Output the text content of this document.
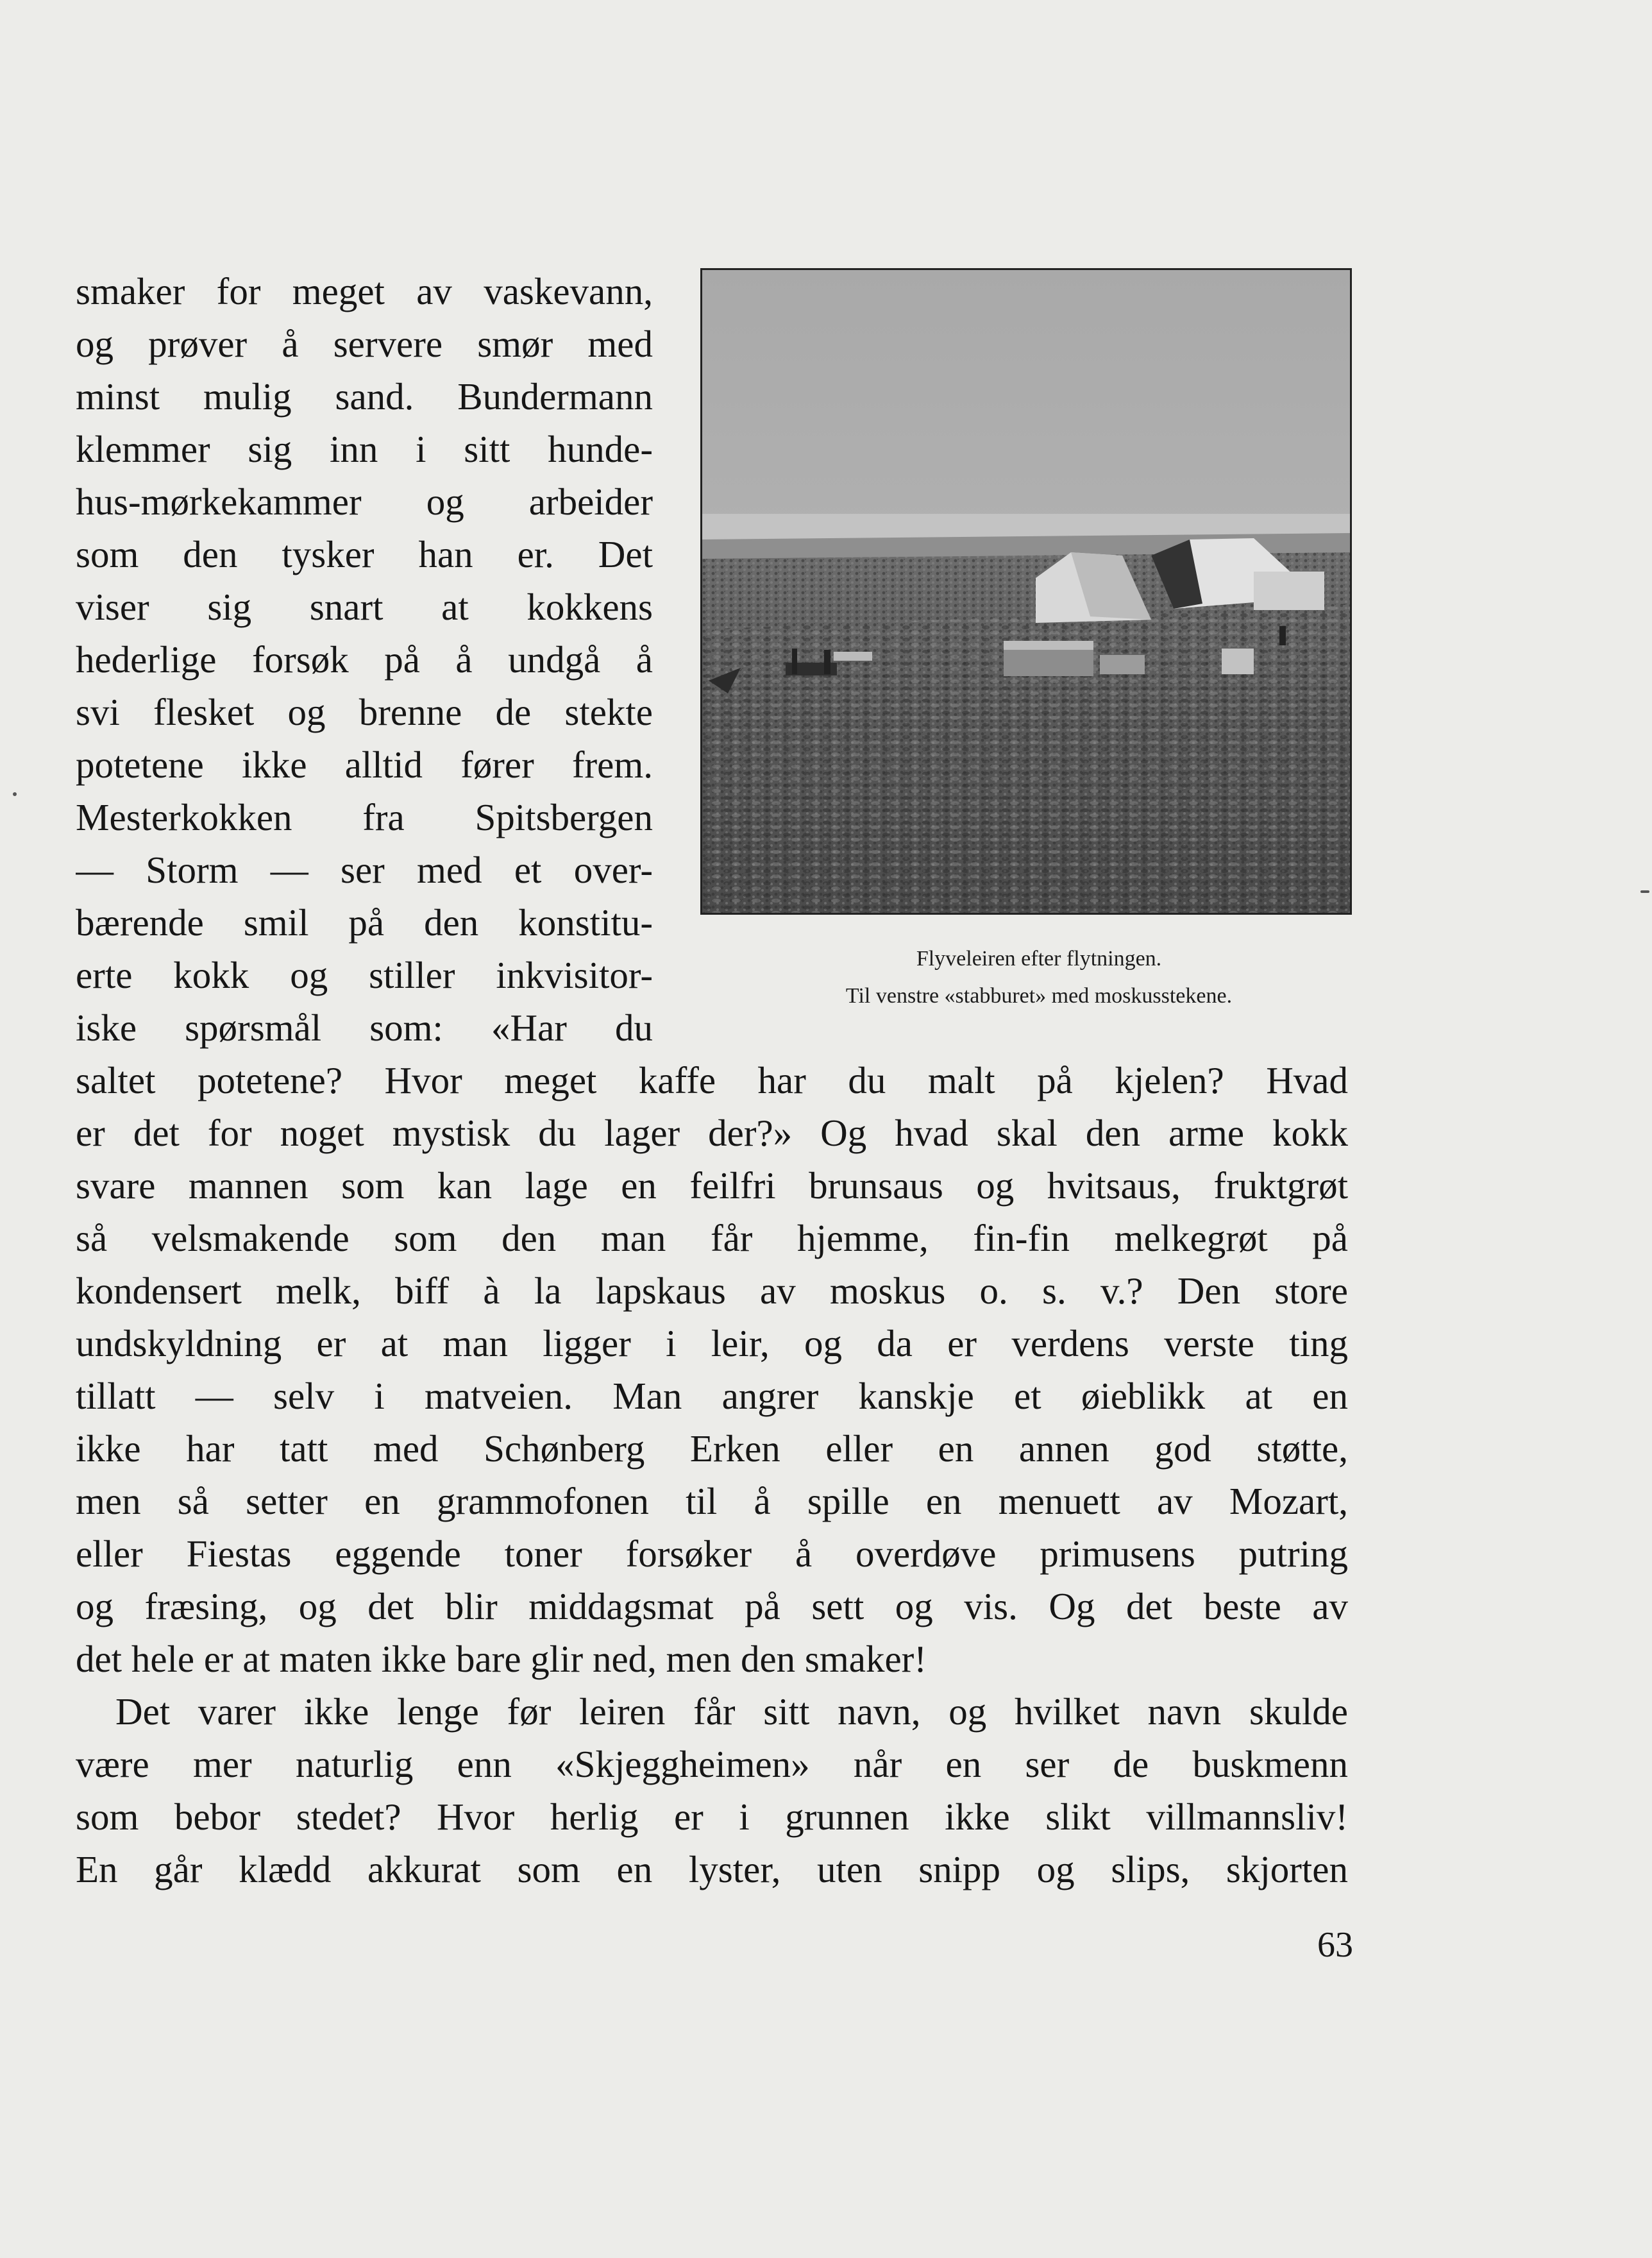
smaker for meget av vaskevann,
og prøver å servere smør med
minst mulig sand. Bundermann
klemmer sig inn i sitt hunde-
hus-mørkekammer og arbeider
som den tysker han er. Det
viser sig snart at kokkens
hederlige forsøk på å undgå å
svi flesket og brenne de stekte
potetene ikke alltid fører frem.
Mesterkokken fra Spitsbergen
— Storm — ser med et over-
bærende smil på den konstitu-
erte kokk og stiller inkvisitor-
iske spørsmål som: «Har du
saltet potetene? Hvor meget kaffe har du malt på kjelen? Hvad
er det for noget mystisk du lager der?» Og hvad skal den arme kokk
svare mannen som kan lage en feilfri brunsaus og hvitsaus, fruktgrøt
så velsmakende som den man får hjemme, fin-fin melkegrøt på
kondensert melk, biff à la lapskaus av moskus o. s. v.? Den store
undskyldning er at man ligger i leir, og da er verdens verste ting
tillatt — selv i matveien. Man angrer kanskje et øieblikk at en
ikke har tatt med Schønberg Erken eller en annen god støtte,
men så setter en grammofonen til å spille en menuett av Mozart,
eller Fiestas eggende toner forsøker å overdøve primusens putring
og fræsing, og det blir middagsmat på sett og vis. Og det beste av
det hele er at maten ikke bare glir ned, men den smaker!
Det varer ikke lenge før leiren får sitt navn, og hvilket navn skulde
være mer naturlig enn «Skjeggheimen» når en ser de buskmenn
som bebor stedet? Hvor herlig er i grunnen ikke slikt villmannsliv!
En går klædd akkurat som en lyster, uten snipp og slips, skjorten
Flyveleiren efter flytningen.
Til venstre «stabburet» med moskusstekene.
63
